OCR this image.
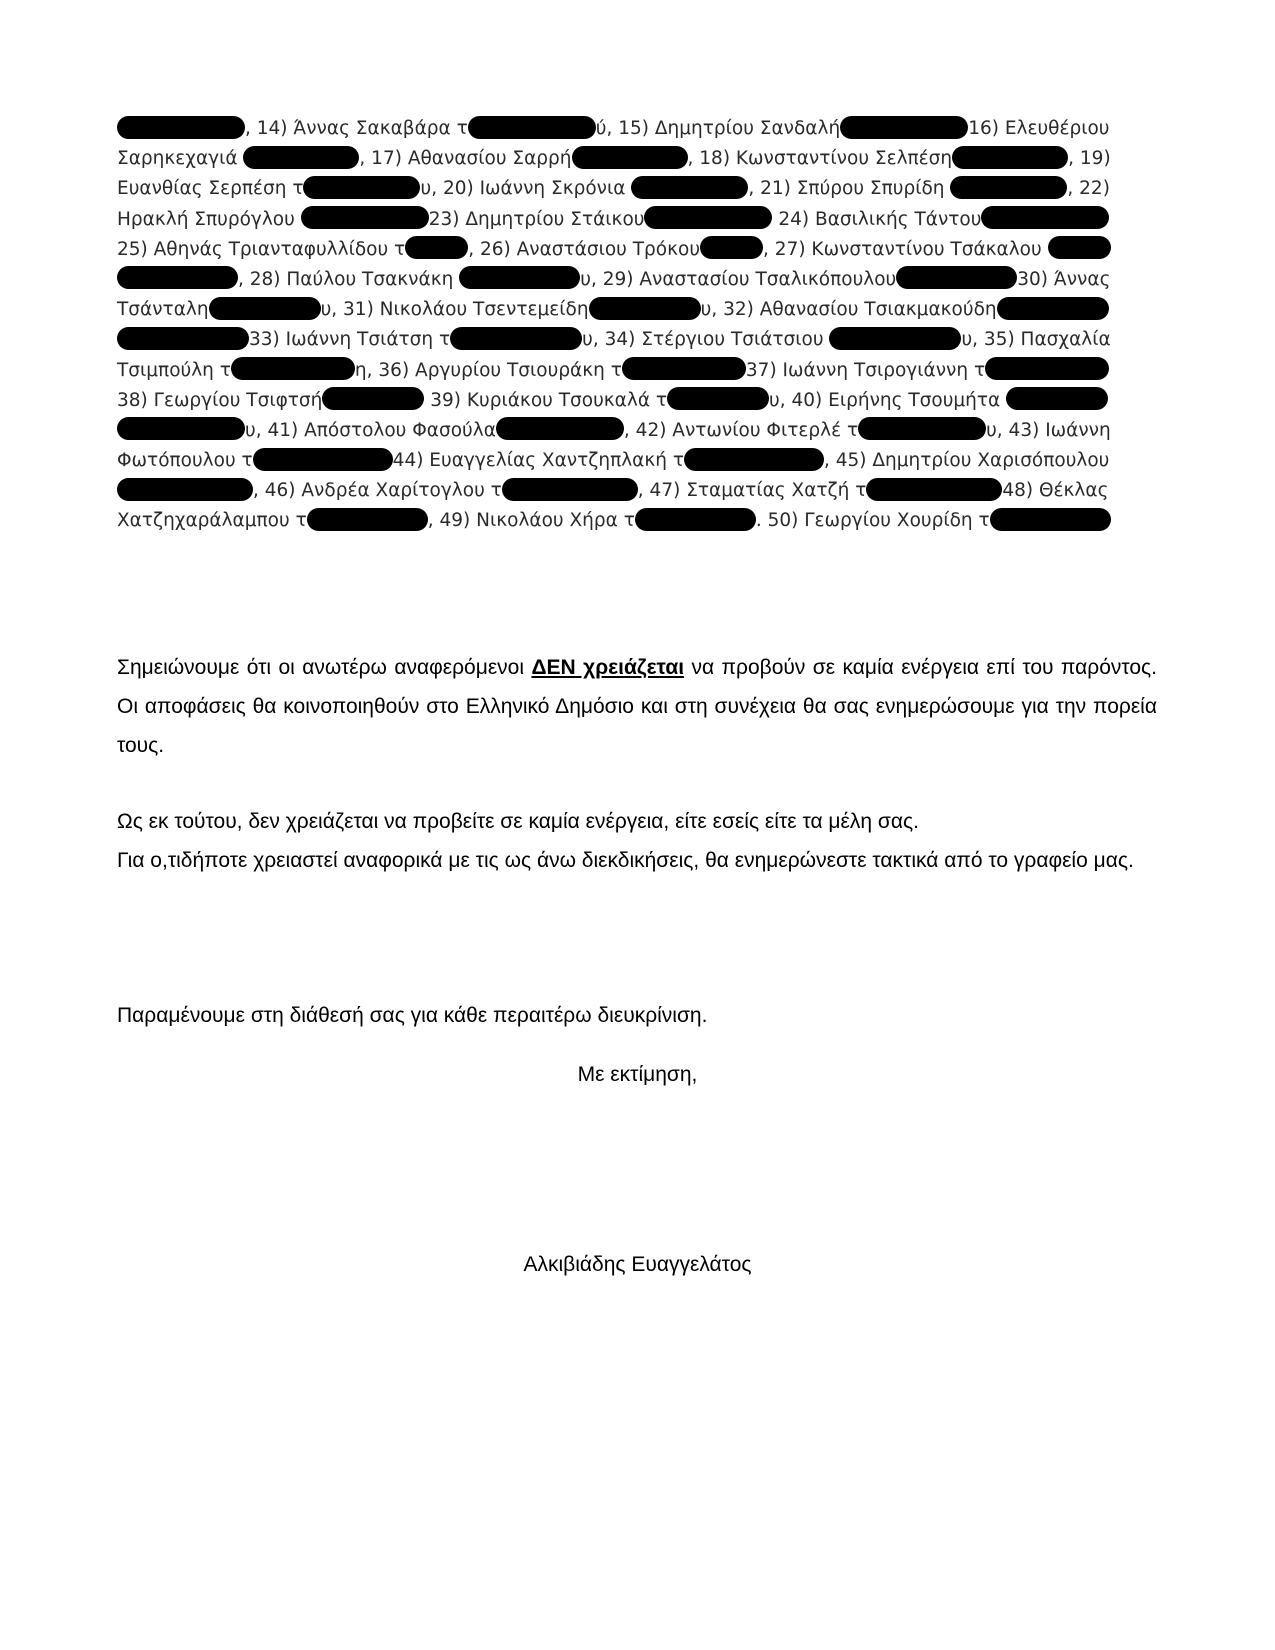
, 14) Άννας Σακαβάρα τ	ύ, 15) Δημητρίου Σανδαλή	16) Ελευθέριου
Σαρηκεχαγιά	, 17) Αθανασίου Σαρρή	, 18) Κωνσταντίνου Σελπέση	, 19)
Ευανθίας Σερπέση τ	υ, 20) Ιωάννη Σκρόνια	, 21) Σπύρου Σπυρίδη	, 22)
Ηρακλή Σπυρόγλου	23) Δημητρίου Στάικου	24) Βασιλικής Τάντου
25) Αθηνάς Τριανταφυλλίδου τ	, 26) Αναστάσιου Τρόκου	, 27) Κωνσταντίνου Τσάκαλου
, 28) Παύλου Τσακνάκη	υ, 29) Αναστασίου Τσαλικόπουλου	30) Άννας
Τσάνταλη	υ, 31) Νικολάου Τσεντεμείδη	υ, 32) Αθανασίου Τσιακμακούδη
33) Ιωάννη Τσιάτση τ	υ, 34) Στέργιου Τσιάτσιου	υ, 35) Πασχαλία
Τσιμπούλη τ	η, 36) Αργυρίου Τσιουράκη τ	37) Ιωάννη Τσιρογιάννη τ
38) Γεωργίου Τσιφτσή	39) Κυριάκου Τσουκαλά τ	υ, 40) Ειρήνης Τσουμήτα
υ, 41) Απόστολου Φασούλα	, 42) Αντωνίου Φιτερλέ τ	υ, 43) Ιωάννη
Φωτόπουλου τ	44) Ευαγγελίας Χαντζηπλακή τ	, 45) Δημητρίου Χαρισόπουλου
, 46) Ανδρέα Χαρίτογλου τ	, 47) Σταματίας Χατζή τ	48) Θέκλας
Χατζηχαράλαμπου τ	, 49) Νικολάου Χήρα τ	. 50) Γεωργίου Χουρίδη τ
Σημειώνουμε ότι οι ανωτέρω αναφερόμενοι ΔΕΝ χρειάζεται να προβούν σε καμία ενέργεια επί του παρόντος. Οι αποφάσεις θα κοινοποιηθούν στο Ελληνικό Δημόσιο και στη συνέχεια θα σας ενημερώσουμε για την πορεία τους.
Ως εκ τούτου, δεν χρειάζεται να προβείτε σε καμία ενέργεια, είτε εσείς είτε τα μέλη σας.
Για ο,τιδήποτε χρειαστεί αναφορικά με τις ως άνω διεκδικήσεις, θα ενημερώνεστε τακτικά από το γραφείο μας.
Παραμένουμε στη διάθεσή σας για κάθε περαιτέρω διευκρίνιση.
Με εκτίμηση,
Αλκιβιάδης Ευαγγελάτος
